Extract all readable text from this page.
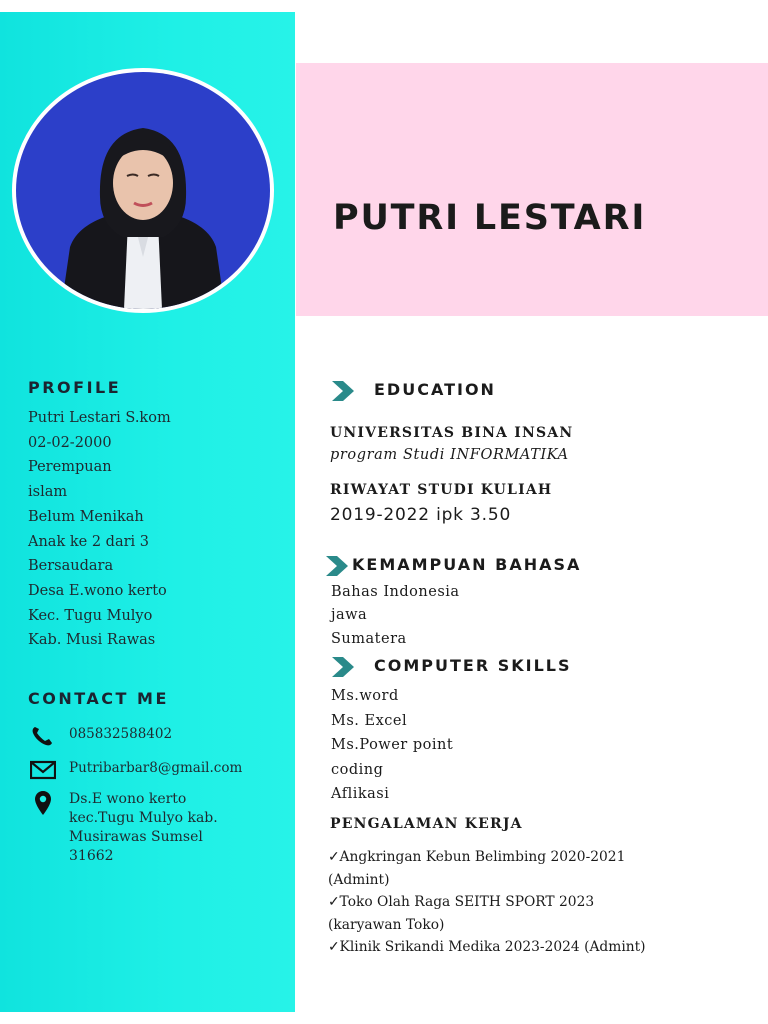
PROFILE
Putri Lestari S.kom
02-02-2000
Perempuan
islam
Belum Menikah
Anak ke 2 dari 3
Bersaudara
Desa E.wono kerto
Kec. Tugu Mulyo
Kab. Musi Rawas
CONTACT ME
085832588402
Putribarbar8@gmail.com
Ds.E wono kerto
kec.Tugu Mulyo kab.
Musirawas Sumsel
31662
PUTRI LESTARI
EDUCATION
UNIVERSITAS BINA INSAN
program Studi INFORMATIKA
RIWAYAT STUDI KULIAH
2019-2022 ipk 3.50
KEMAMPUAN BAHASA
Bahas Indonesia
jawa
Sumatera
COMPUTER SKILLS
Ms.word
Ms. Excel
Ms.Power point
coding
Aflikasi
PENGALAMAN KERJA
✓Angkringan Kebun Belimbing 2020-2021
(Admint)
✓Toko Olah Raga SEITH SPORT 2023
(karyawan Toko)
✓Klinik Srikandi Medika 2023-2024 (Admint)
